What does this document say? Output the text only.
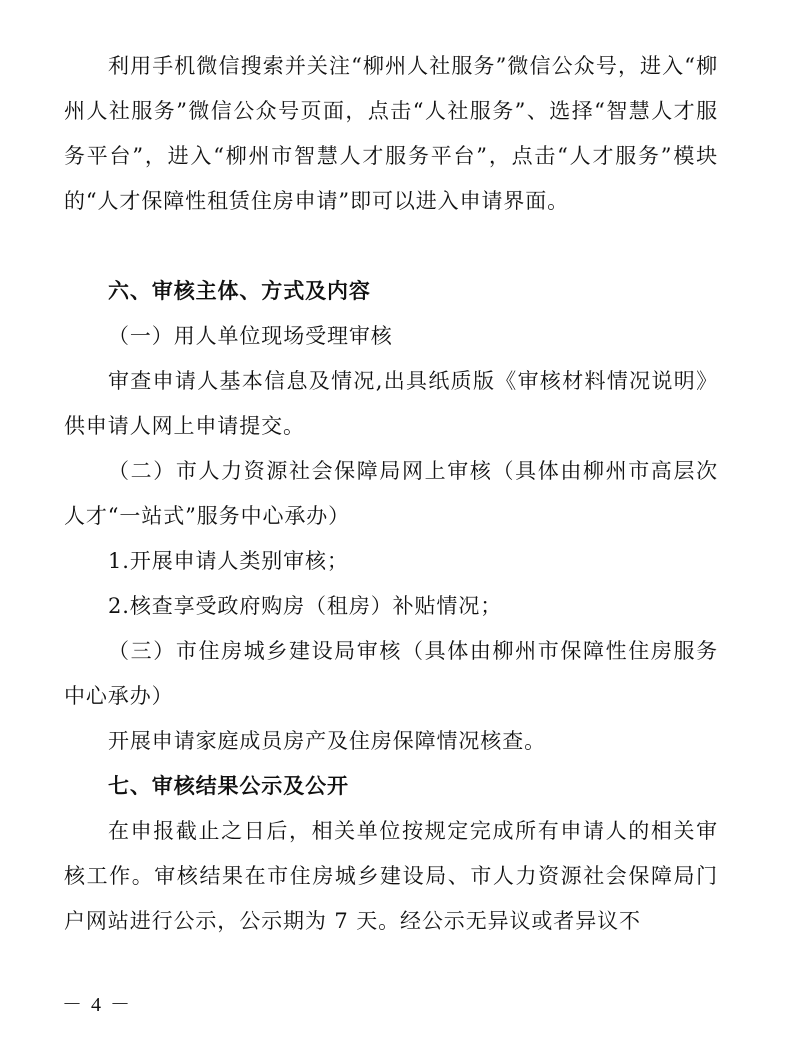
利用手机微信搜索并关注“柳州人社服务”微信公众号，进入“柳州人社服务”微信公众号页面，点击“人社服务”、选择“智慧人才服务平台”，进入“柳州市智慧人才服务平台”，点击“人才服务”模块的“人才保障性租赁住房申请”即可以进入申请界面。

六、审核主体、方式及内容

（一）用人单位现场受理审核

审查申请人基本信息及情况,出具纸质版《审核材料情况说明》供申请人网上申请提交。

（二）市人力资源社会保障局网上审核（具体由柳州市高层次人才“一站式”服务中心承办）

1.开展申请人类别审核；

2.核查享受政府购房（租房）补贴情况；

（三）市住房城乡建设局审核（具体由柳州市保障性住房服务中心承办）

开展申请家庭成员房产及住房保障情况核查。

七、审核结果公示及公开

在申报截止之日后，相关单位按规定完成所有申请人的相关审核工作。审核结果在市住房城乡建设局、市人力资源社会保障局门户网站进行公示，公示期为 7 天。经公示无异议或者异议不

－ 4 －
